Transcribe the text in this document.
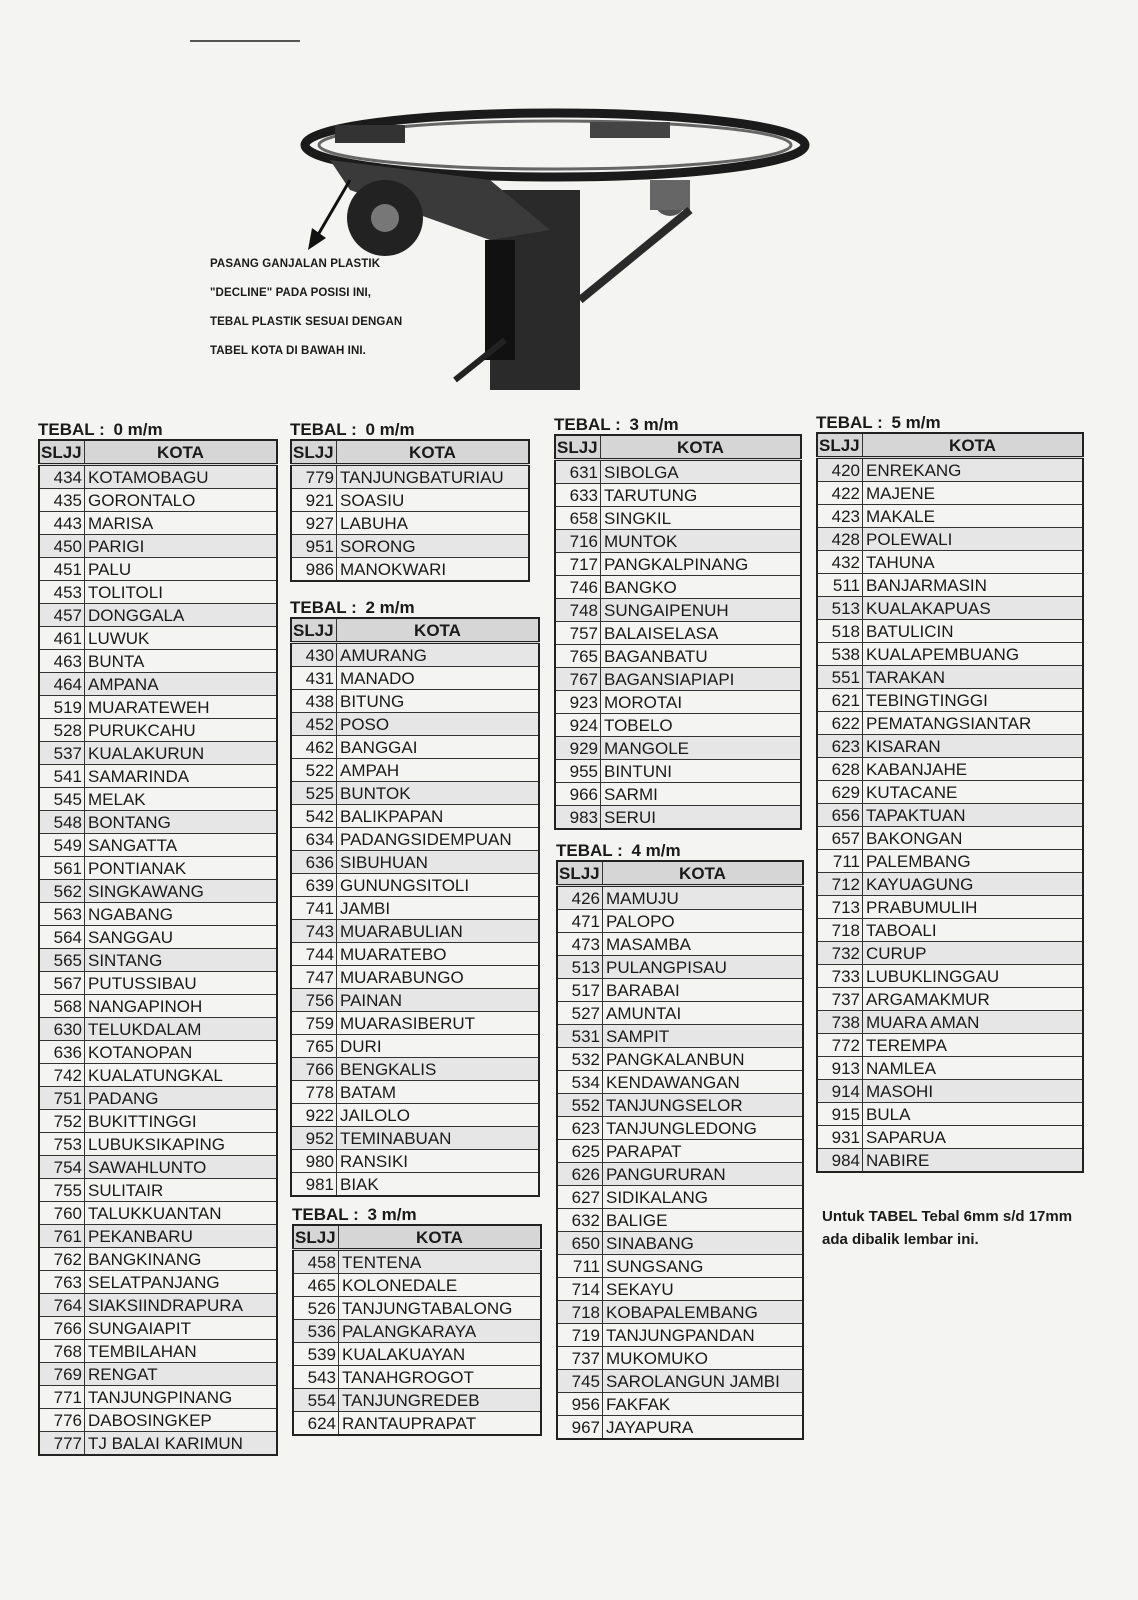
PASANG GANJALAN PLASTIK
"DECLINE" PADA POSISI INI,
TEBAL PLASTIK SESUAI DENGAN
TABEL KOTA DI BAWAH INI.
TEBAL : 0 m/m
SLJJ	KOTA
434	KOTAMOBAGU
435	GORONTALO
443	MARISA
450	PARIGI
451	PALU
453	TOLITOLI
457	DONGGALA
461	LUWUK
463	BUNTA
464	AMPANA
519	MUARATEWEH
528	PURUKCAHU
537	KUALAKURUN
541	SAMARINDA
545	MELAK
548	BONTANG
549	SANGATTA
561	PONTIANAK
562	SINGKAWANG
563	NGABANG
564	SANGGAU
565	SINTANG
567	PUTUSSIBAU
568	NANGAPINOH
630	TELUKDALAM
636	KOTANOPAN
742	KUALATUNGKAL
751	PADANG
752	BUKITTINGGI
753	LUBUKSIKAPING
754	SAWAHLUNTO
755	SULITAIR
760	TALUKKUANTAN
761	PEKANBARU
762	BANGKINANG
763	SELATPANJANG
764	SIAKSIINDRAPURA
766	SUNGAIAPIT
768	TEMBILAHAN
769	RENGAT
771	TANJUNGPINANG
776	DABOSINGKEP
777	TJ BALAI KARIMUN
TEBAL : 0 m/m
SLJJ	KOTA
779	TANJUNGBATURIAU
921	SOASIU
927	LABUHA
951	SORONG
986	MANOKWARI
TEBAL : 2 m/m
SLJJ	KOTA
430	AMURANG
431	MANADO
438	BITUNG
452	POSO
462	BANGGAI
522	AMPAH
525	BUNTOK
542	BALIKPAPAN
634	PADANGSIDEMPUAN
636	SIBUHUAN
639	GUNUNGSITOLI
741	JAMBI
743	MUARABULIAN
744	MUARATEBO
747	MUARABUNGO
756	PAINAN
759	MUARASIBERUT
765	DURI
766	BENGKALIS
778	BATAM
922	JAILOLO
952	TEMINABUAN
980	RANSIKI
981	BIAK
TEBAL : 3 m/m
SLJJ	KOTA
458	TENTENA
465	KOLONEDALE
526	TANJUNGTABALONG
536	PALANGKARAYA
539	KUALAKUAYAN
543	TANAHGROGOT
554	TANJUNGREDEB
624	RANTAUPRAPAT
TEBAL : 3 m/m
SLJJ	KOTA
631	SIBOLGA
633	TARUTUNG
658	SINGKIL
716	MUNTOK
717	PANGKALPINANG
746	BANGKO
748	SUNGAIPENUH
757	BALAISELASA
765	BAGANBATU
767	BAGANSIAPIAPI
923	MOROTAI
924	TOBELO
929	MANGOLE
955	BINTUNI
966	SARMI
983	SERUI
TEBAL : 4 m/m
SLJJ	KOTA
426	MAMUJU
471	PALOPO
473	MASAMBA
513	PULANGPISAU
517	BARABAI
527	AMUNTAI
531	SAMPIT
532	PANGKALANBUN
534	KENDAWANGAN
552	TANJUNGSELOR
623	TANJUNGLEDONG
625	PARAPAT
626	PANGURURAN
627	SIDIKALANG
632	BALIGE
650	SINABANG
711	SUNGSANG
714	SEKAYU
718	KOBAPALEMBANG
719	TANJUNGPANDAN
737	MUKOMUKO
745	SAROLANGUN JAMBI
956	FAKFAK
967	JAYAPURA
TEBAL : 5 m/m
SLJJ	KOTA
420	ENREKANG
422	MAJENE
423	MAKALE
428	POLEWALI
432	TAHUNA
511	BANJARMASIN
513	KUALAKAPUAS
518	BATULICIN
538	KUALAPEMBUANG
551	TARAKAN
621	TEBINGTINGGI
622	PEMATANGSIANTAR
623	KISARAN
628	KABANJAHE
629	KUTACANE
656	TAPAKTUAN
657	BAKONGAN
711	PALEMBANG
712	KAYUAGUNG
713	PRABUMULIH
718	TABOALI
732	CURUP
733	LUBUKLINGGAU
737	ARGAMAKMUR
738	MUARA AMAN
772	TEREMPA
913	NAMLEA
914	MASOHI
915	BULA
931	SAPARUA
984	NABIRE
Untuk TABEL Tebal 6mm s/d 17mm ada dibalik lembar ini.
